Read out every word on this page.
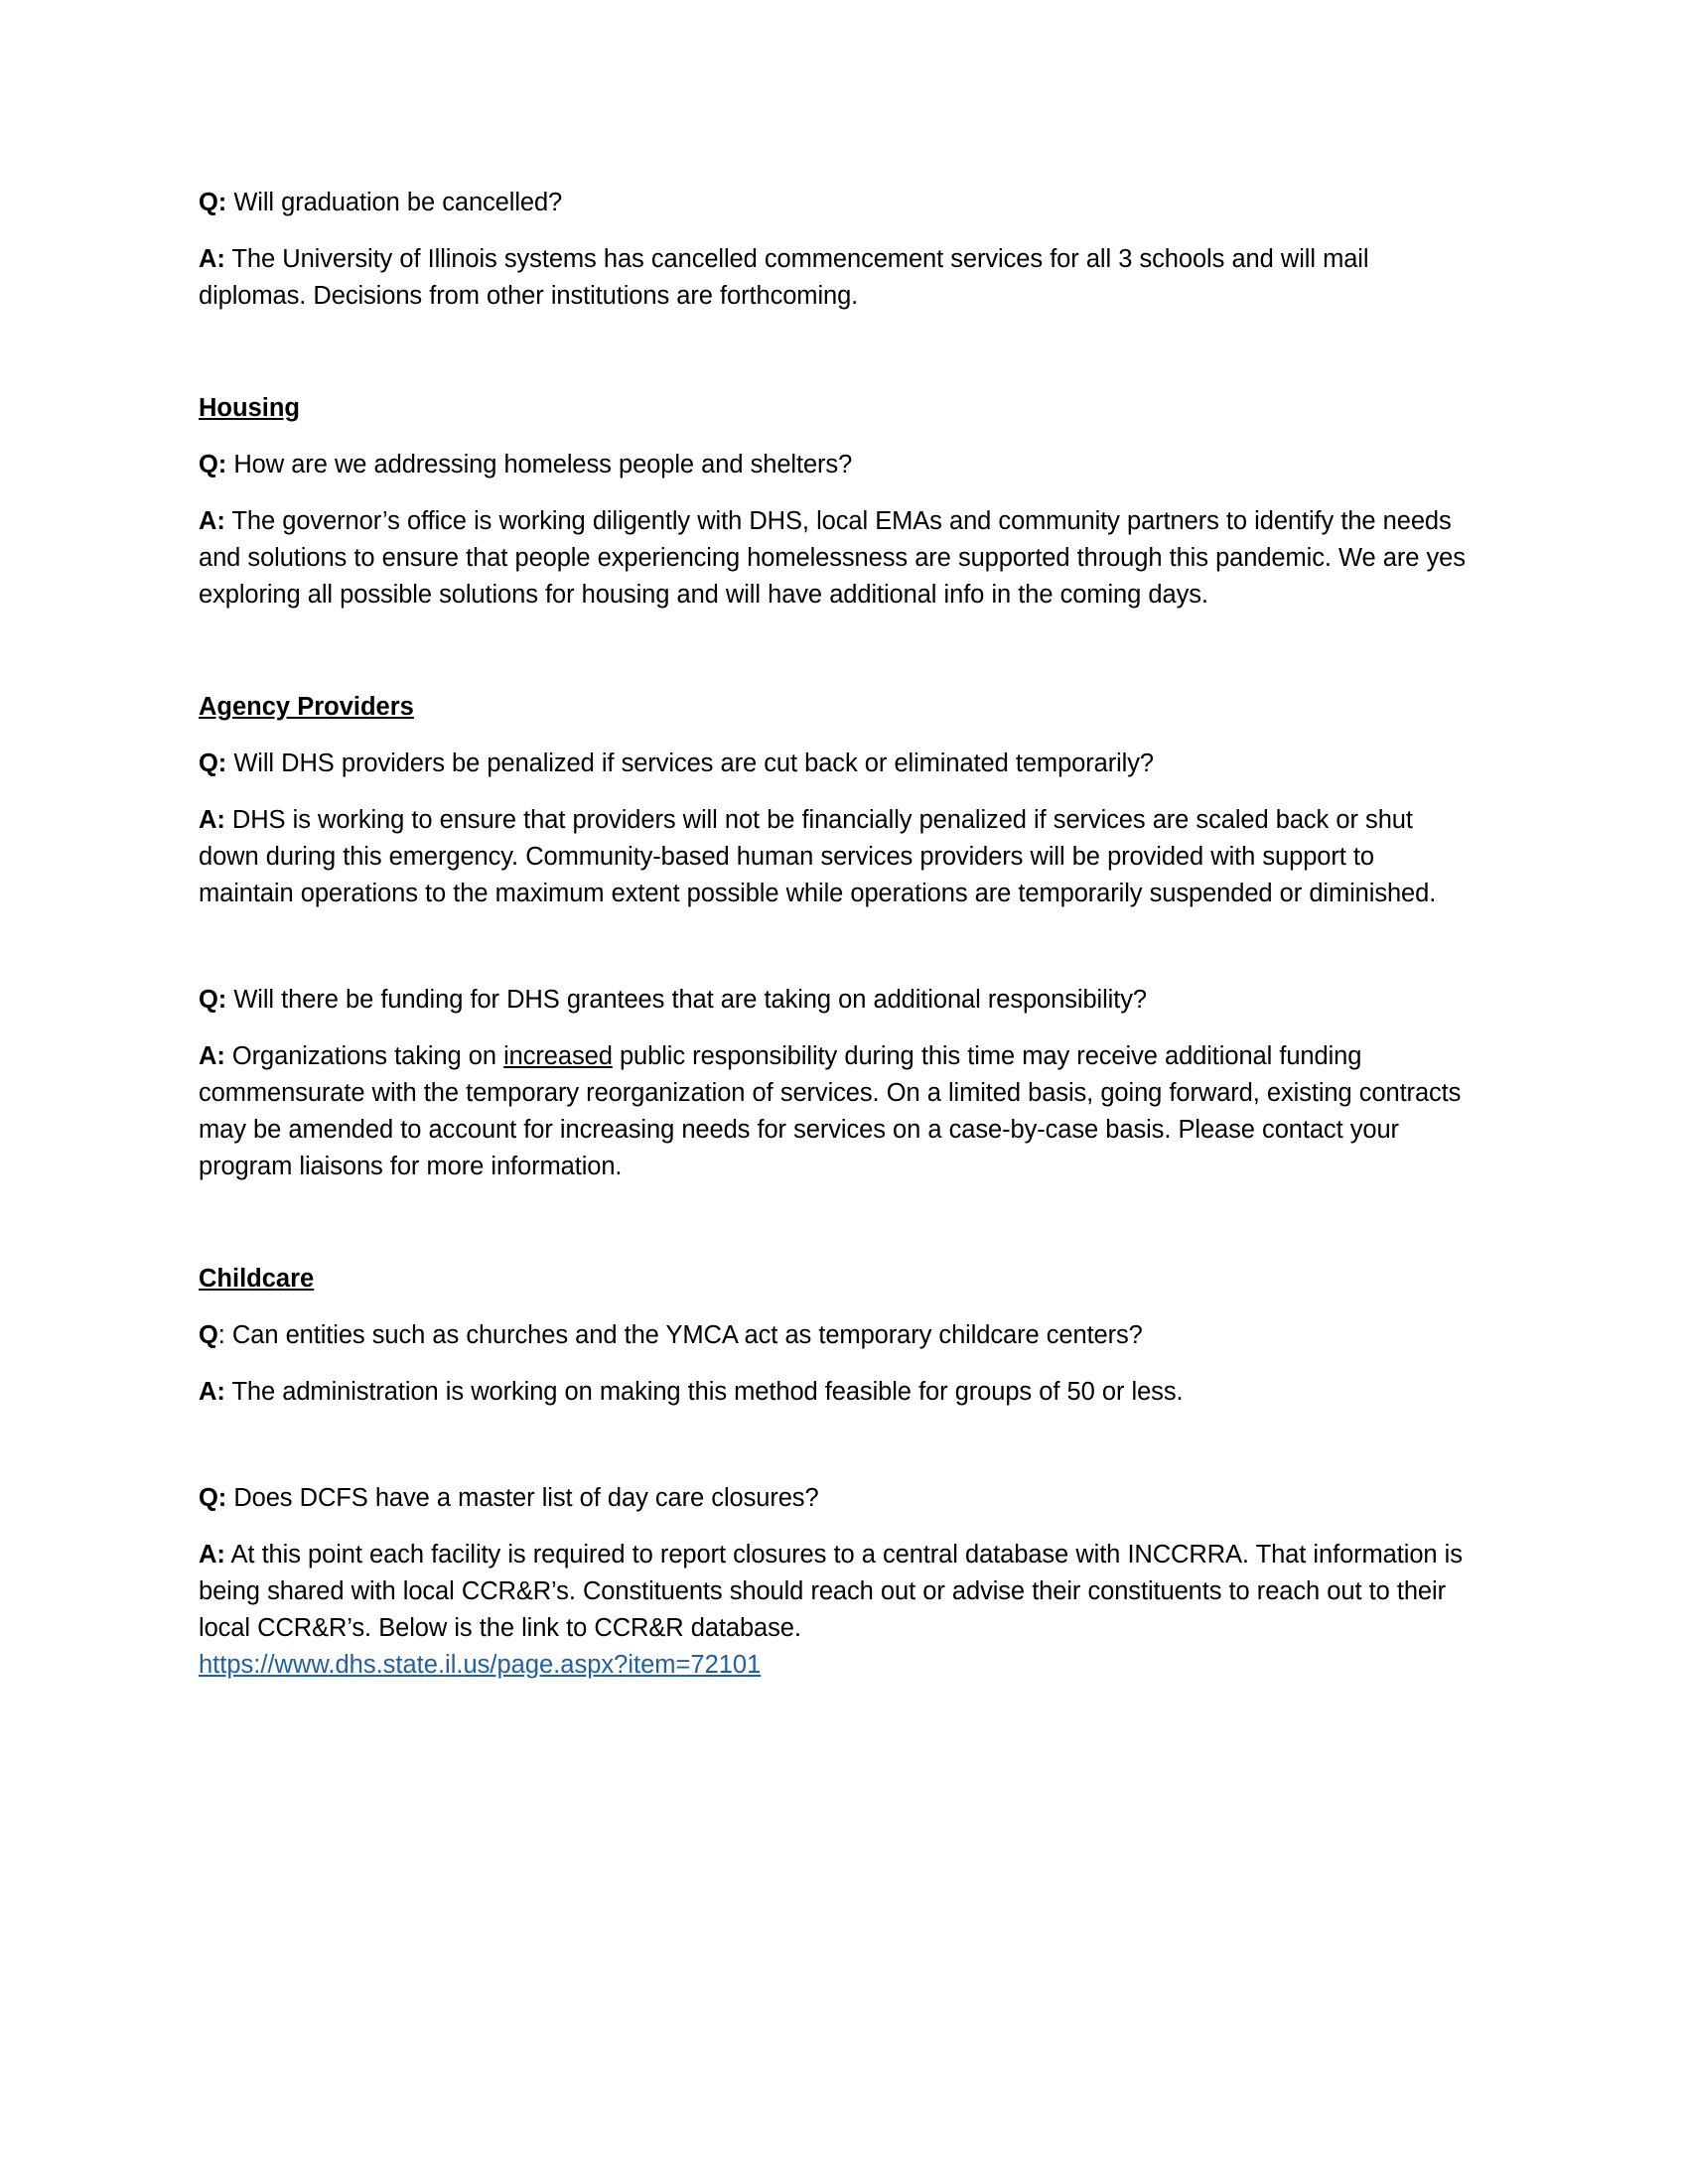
Q: Will graduation be cancelled?

A: The University of Illinois systems has cancelled commencement services for all 3 schools and will mail diplomas. Decisions from other institutions are forthcoming.

Housing

Q: How are we addressing homeless people and shelters?

A: The governor’s office is working diligently with DHS, local EMAs and community partners to identify the needs and solutions to ensure that people experiencing homelessness are supported through this pandemic. We are yes exploring all possible solutions for housing and will have additional info in the coming days.

Agency Providers

Q: Will DHS providers be penalized if services are cut back or eliminated temporarily?

A: DHS is working to ensure that providers will not be financially penalized if services are scaled back or shut down during this emergency. Community-based human services providers will be provided with support to maintain operations to the maximum extent possible while operations are temporarily suspended or diminished.

Q: Will there be funding for DHS grantees that are taking on additional responsibility?

A: Organizations taking on increased public responsibility during this time may receive additional funding commensurate with the temporary reorganization of services. On a limited basis, going forward, existing contracts may be amended to account for increasing needs for services on a case-by-case basis. Please contact your program liaisons for more information.

Childcare

Q: Can entities such as churches and the YMCA act as temporary childcare centers?

A: The administration is working on making this method feasible for groups of 50 or less.

Q: Does DCFS have a master list of day care closures?

A: At this point each facility is required to report closures to a central database with INCCRRA. That information is being shared with local CCR&R’s. Constituents should reach out or advise their constituents to reach out to their local CCR&R’s. Below is the link to CCR&R database.

https://www.dhs.state.il.us/page.aspx?item=72101
